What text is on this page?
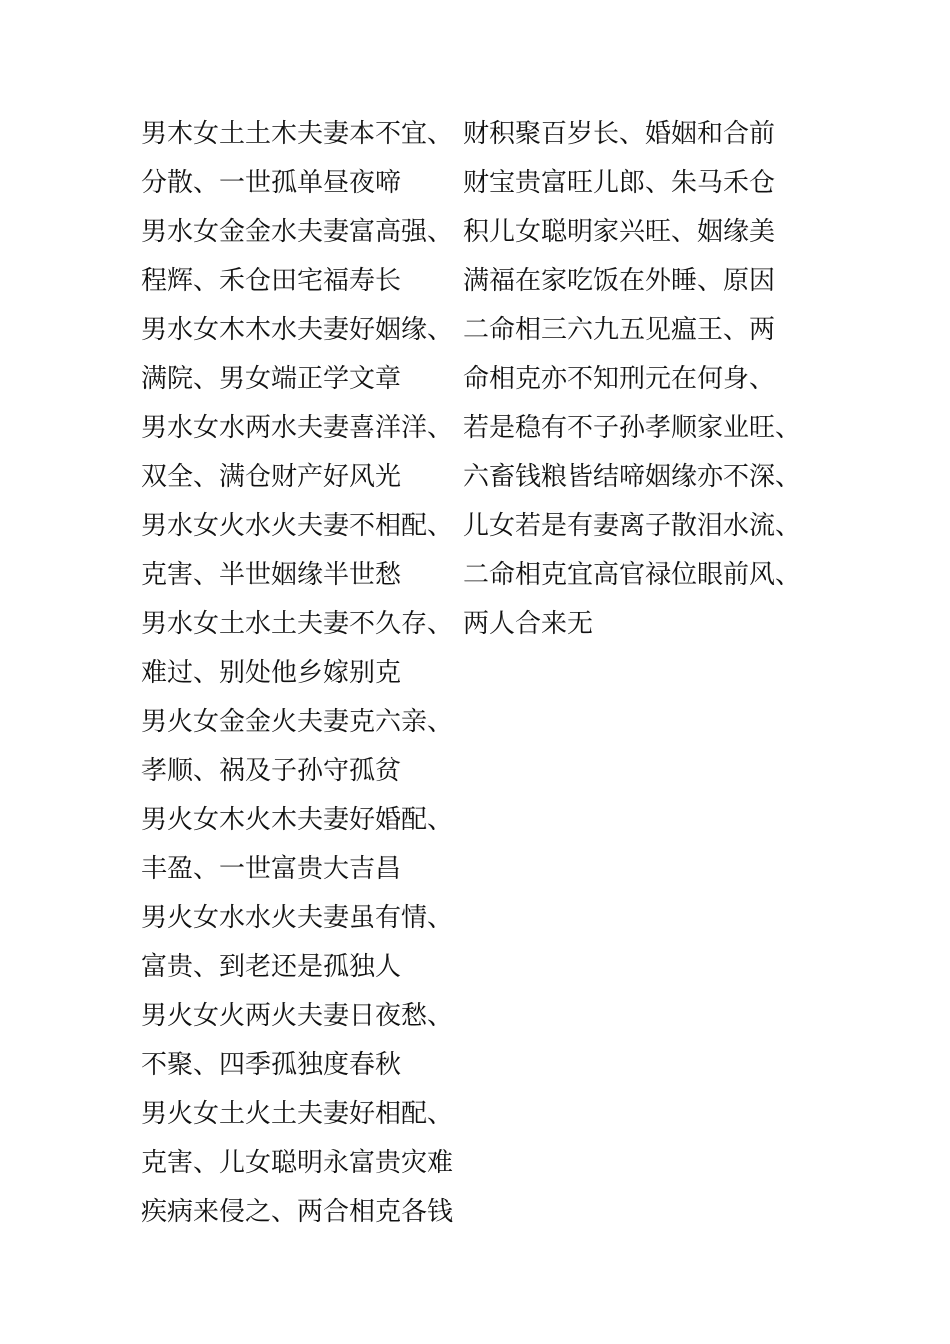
男木女土土木夫妻本不宜、
分散、一世孤单昼夜啼
男水女金金水夫妻富高强、
程辉、禾仓田宅福寿长
男水女木木水夫妻好姻缘、
满院、男女端正学文章
男水女水两水夫妻喜洋洋、
双全、满仓财产好风光
男水女火水火夫妻不相配、
克害、半世姻缘半世愁
男水女土水土夫妻不久存、
难过、别处他乡嫁别克
男火女金金火夫妻克六亲、
孝顺、祸及子孙守孤贫
男火女木火木夫妻好婚配、
丰盈、一世富贵大吉昌
男火女水水火夫妻虽有情、
富贵、到老还是孤独人
男火女火两火夫妻日夜愁、
不聚、四季孤独度春秋
男火女土火土夫妻好相配、
克害、儿女聪明永富贵灾难
疾病来侵之、两合相克各钱
财积聚百岁长、婚姻和合前
财宝贵富旺儿郎、朱马禾仓
积儿女聪明家兴旺、姻缘美
满福在家吃饭在外睡、原因
二命相三六九五见瘟王、两
命相克亦不知刑元在何身、
若是稳有不子孙孝顺家业旺、
六畜钱粮皆结啼姻缘亦不深、
儿女若是有妻离子散泪水流、
二命相克宜高官禄位眼前风、
两人合来无
